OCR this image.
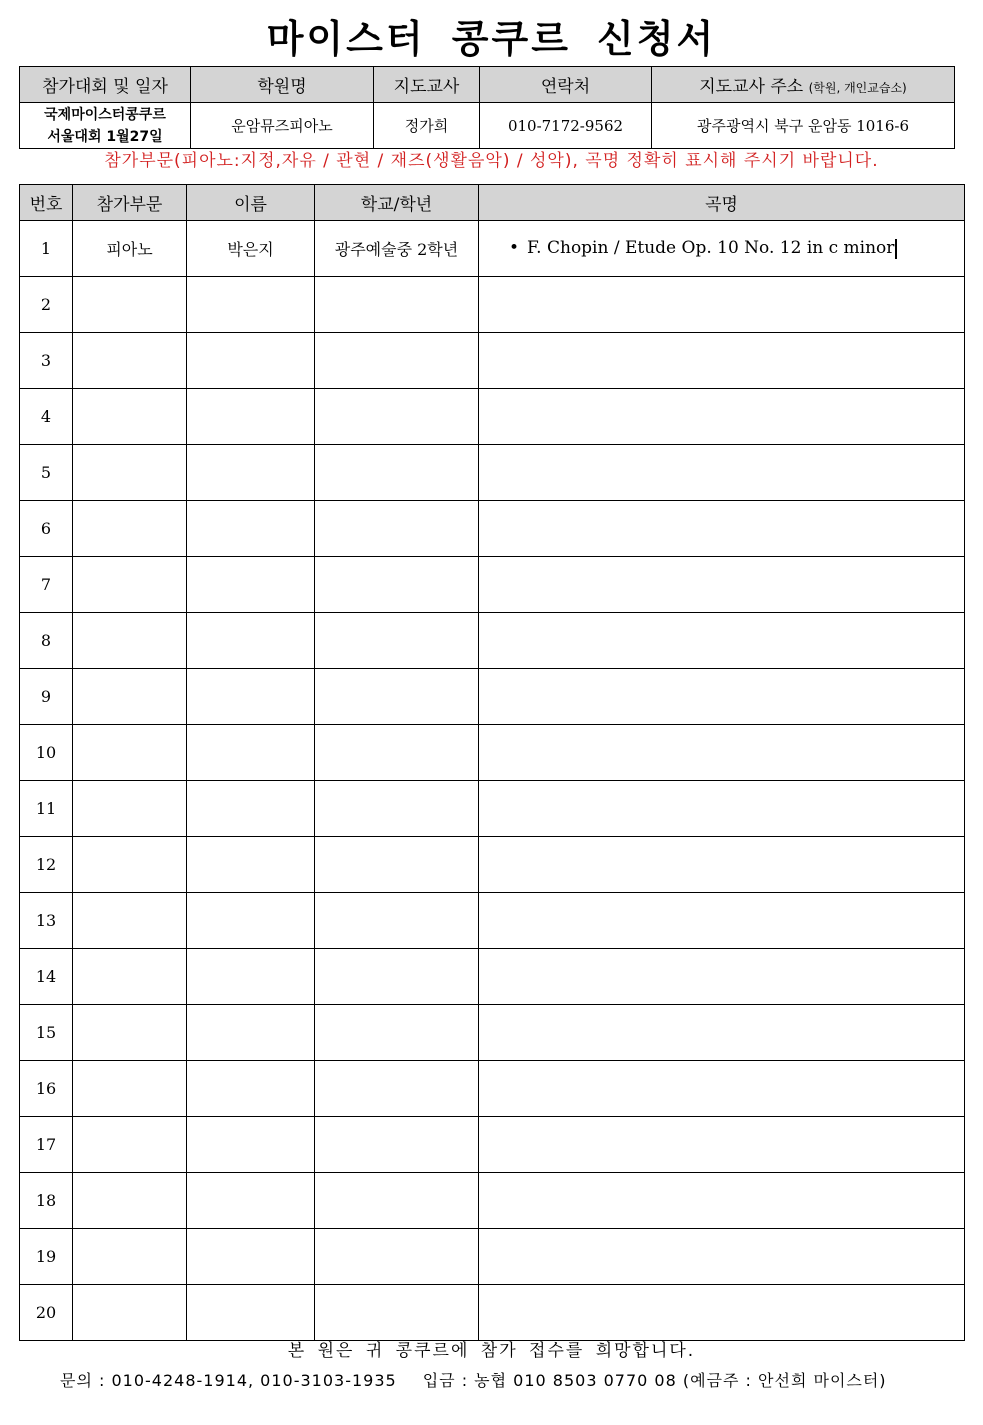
마이스터 콩쿠르 신청서
참가대회 및 일자	학원명	지도교사	연락처	지도교사 주소 (학원, 개인교습소)

국제마이스터콩쿠르
서울대회 1월27일	운암뮤즈피아노	정가희	010-7172-9562	광주광역시 북구 운암동 1016-6
참가부문(피아노:지정,자유 / 관현 / 재즈(생활음악) / 성악), 곡명 정확히 표시해 주시기 바랍니다.
번호	참가부문	이름	학교/학년	곡명
1	피아노	박은지	광주예술중 2학년	• F. Chopin / Etude Op. 10 No. 12 in c minor
2				
3				
4				
5				
6				
7				
8				
9				
10				
11				
12				
13				
14				
15				
16				
17				
18				
19				
20				
본 원은 귀 콩쿠르에 참가 접수를 희망합니다.
문의 : 010-4248-1914, 010-3103-1935 입금 : 농협 010 8503 0770 08 (예금주 : 안선희 마이스터)
